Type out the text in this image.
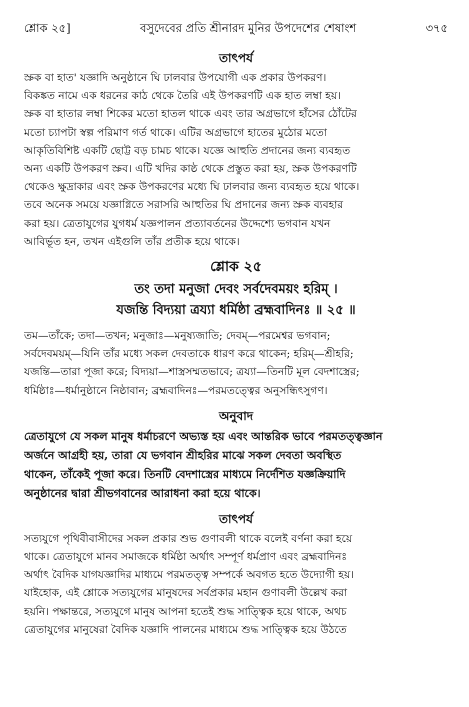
শ্লোক ২৫]	বসুদেবের প্রতি শ্রীনারদ মুনির উপদেশের শেষাংশ	৩৭৫
তাৎপর্য
স্রুক বা হাত' যজ্ঞাদি অনুষ্ঠানে ঘি ঢালবার উপযোগী এক প্রকার উপকরণ।
বিকঙ্কত নামে এক ধরনের কাঠ থেকে তৈরি এই উপকরণটি এক হাত লম্বা হয়।
স্রুক বা হাতার লম্বা শিকের মতো হাতল থাকে এবং তার অগ্রভাগে হাঁসের ঠোঁটের
মতো চ্যাপটা স্বল্প পরিমাণ গর্ত থাকে। এটির অগ্রভাগে হাতের মুঠোর মতো
আকৃতিবিশিষ্ট একটি ছোট্ট বড় চামচ থাকে। যজ্ঞে আহুতি প্রদানের জন্য ব্যবহৃত
অন্য একটি উপকরণ স্রুব। এটি খদির কাষ্ঠ থেকে প্রস্তুত করা হয়, স্রুক উপকরণটি
থেকেও ক্ষুদ্রাকার এবং স্রুক উপকরণের মধ্যে ঘি ঢালবার জন্য ব্যবহৃত হয়ে থাকে।
তবে অনেক সময়ে যজ্ঞাগ্নিতে সরাসরি আহুতির ঘি প্রদানের জন্য স্রুক ব্যবহার
করা হয়। ত্রেতাযুগের যুগধর্ম যজ্ঞপালন প্রত্যাবর্তনের উদ্দেশ্যে ভগবান যখন
আবির্ভূত হন, তখন এইগুলি তাঁর প্রতীক হয়ে থাকে।
শ্লোক ২৫

তং তদা মনুজা দেবং সর্বদেবময়ং হরিম্ ।

যজন্তি বিদ্যয়া ত্রয্যা ধর্মিষ্ঠা ব্রহ্মবাদিনঃ ॥ ২৫ ॥

তম—তাঁকে; তদা—তখন; মনুজাঃ—মনুষ্যজাতি; দেবম্—পরমেশ্বর ভগবান;
সর্বদেবময়ম্—যিনি তাঁর মধ্যে সকল দেবতাকে ধারণ করে থাকেন; হরিম্—শ্রীহরি;
যজন্তি—তারা পূজা করে; বিদ্যয়া—শাস্ত্রসম্মতভাবে; ত্রয্যা—তিনটি মূল বেদশাস্ত্রের;
ধর্মিষ্ঠাঃ—ধর্মানুষ্ঠানে নিষ্ঠাবান; ব্রহ্মবাদিনঃ—পরমতত্ত্বের অনুসন্ধিৎসুগণ।
অনুবাদ
ত্রেতাযুগে যে সকল মানুষ ধর্মাচরণে অভ্যস্ত হয় এবং আন্তরিক ভাবে পরমতত্ত্বজ্ঞান
অর্জনে আগ্রহী হয়, তারা যে ভগবান শ্রীহরির মাঝে সকল দেবতা অবস্থিত
থাকেন, তাঁকেই পূজা করে। তিনটি বেদশাস্ত্রের মাধ্যমে নির্দেশিত যজ্ঞক্রিয়াদি
অনুষ্ঠানের দ্বারা শ্রীভগবানের আরাধনা করা হয়ে থাকে।
তাৎপর্য
সত্যযুগে পৃথিবীবাসীদের সকল প্রকার শুভ গুণাবলী থাকে বলেই বর্ণনা করা হয়ে
থাকে। ত্রেতাযুগে মানব সমাজকে ধর্মিষ্ঠা অর্থাৎ সম্পূর্ণ ধর্মপ্রাণ এবং ব্রহ্মবাদিনঃ
অর্থাৎ বৈদিক যাগযজ্ঞাদির মাধ্যমে পরমতত্ত্ব সম্পর্কে অবগত হতে উদ্যোগী হয়।
যাইহোক, এই শ্লোকে সত্যযুগের মানুষদের সর্বপ্রকার মহান গুণাবলী উল্লেখ করা
হয়নি। পক্ষান্তরে, সত্যযুগে মানুষ আপনা হতেই শুদ্ধ সাত্ত্বিক হয়ে থাকে, অথচ
ত্রেতাযুগের মানুষেরা বৈদিক যজ্ঞাদি পালনের মাধ্যমে শুদ্ধ সাত্ত্বিক হয়ে উঠতে
